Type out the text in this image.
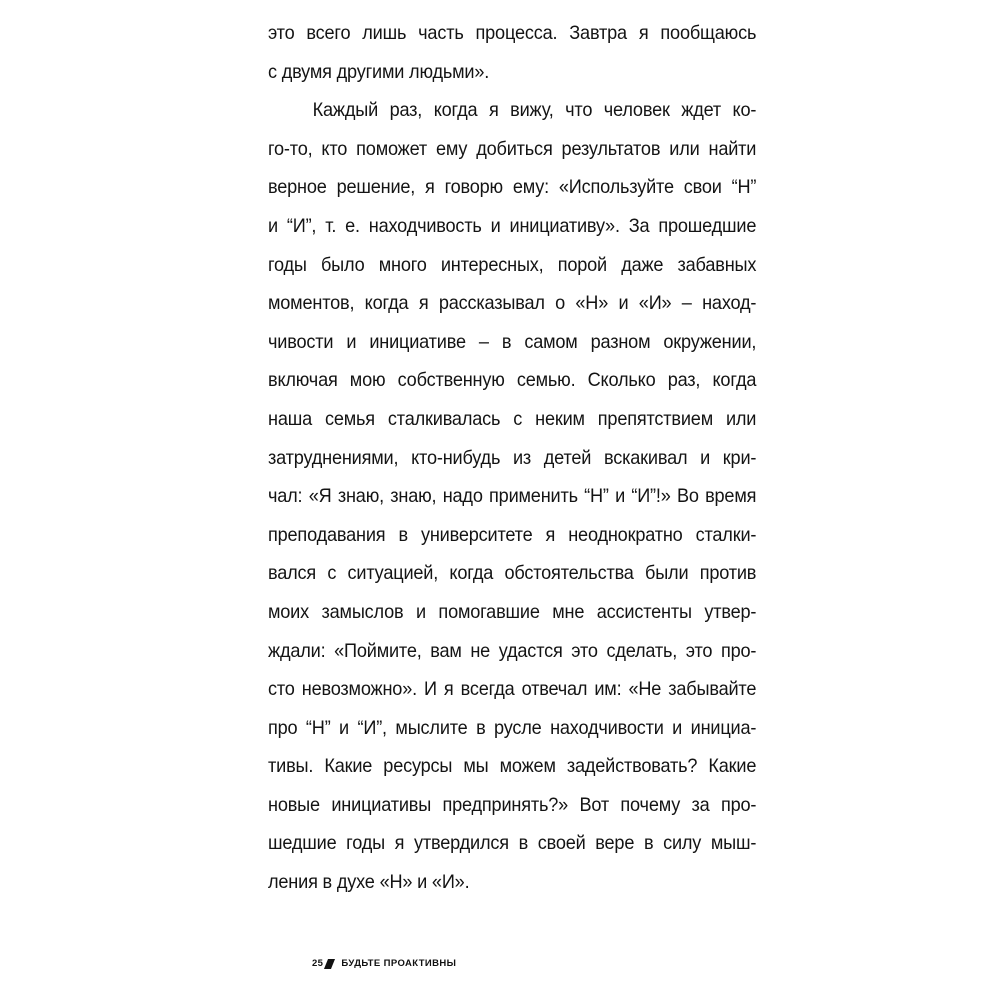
это всего лишь часть процесса. Завтра я пообщаюсь
с двумя другими людьми».
Каждый раз, когда я вижу, что человек ждет ко-
го-то, кто поможет ему добиться результатов или найти
верное решение, я говорю ему: «Используйте свои “Н”
и “И”, т. е. находчивость и инициативу». За прошедшие
годы было много интересных, порой даже забавных
моментов, когда я рассказывал о «Н» и «И» – наход-
чивости и инициативе – в самом разном окружении,
включая мою собственную семью. Сколько раз, когда
наша семья сталкивалась с неким препятствием или
затруднениями, кто-нибудь из детей вскакивал и кри-
чал: «Я знаю, знаю, надо применить “Н” и “И”!» Во время
преподавания в университете я неоднократно сталки-
вался с ситуацией, когда обстоятельства были против
моих замыслов и помогавшие мне ассистенты утвер-
ждали: «Поймите, вам не удастся это сделать, это про-
сто невозможно». И я всегда отвечал им: «Не забывайте
про “Н” и “И”, мыслите в русле находчивости и инициа-
тивы. Какие ресурсы мы можем задействовать? Какие
новые инициативы предпринять?» Вот почему за про-
шедшие годы я утвердился в своей вере в силу мыш-
ления в духе «Н» и «И».
25 БУДЬТЕ ПРОАКТИВНЫ
